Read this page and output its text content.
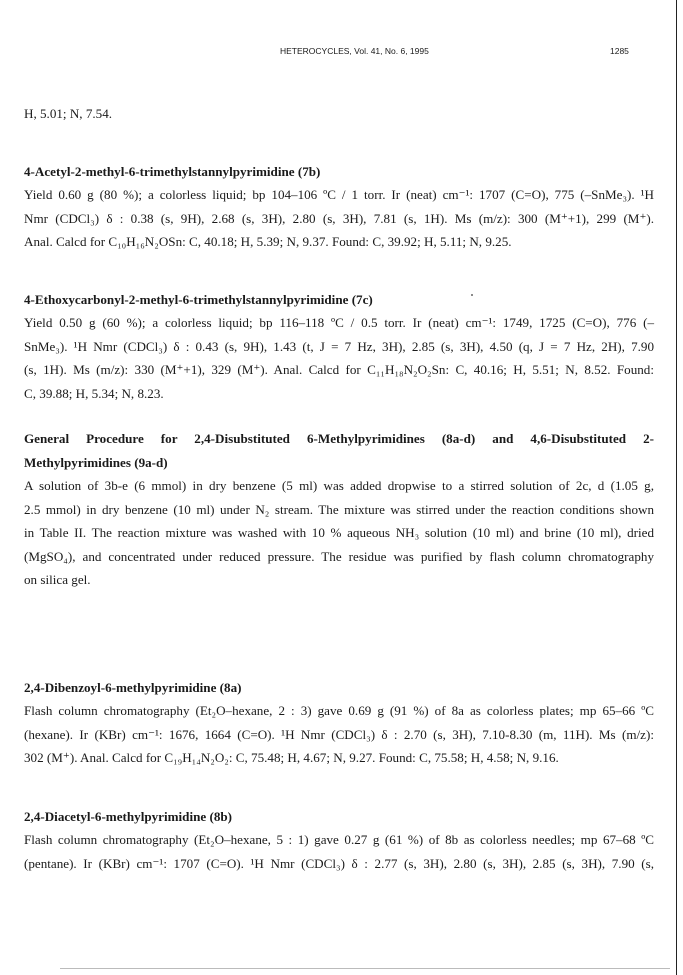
HETEROCYCLES, Vol. 41, No. 6, 1995	1285
H, 5.01; N, 7.54.
4-Acetyl-2-methyl-6-trimethylstannylpyrimidine (7b)
Yield 0.60 g (80 %); a colorless liquid; bp 104–106 ºC / 1 torr. Ir (neat) cm⁻¹: 1707 (C=O), 775 (–SnMe₃). ¹H
Nmr (CDCl₃) δ : 0.38 (s, 9H), 2.68 (s, 3H), 2.80 (s, 3H), 7.81 (s, 1H). Ms (m/z): 300 (M⁺+1), 299 (M⁺).
Anal. Calcd for C₁₀H₁₆N₂OSn: C, 40.18; H, 5.39; N, 9.37. Found: C, 39.92; H, 5.11; N, 9.25.
4-Ethoxycarbonyl-2-methyl-6-trimethylstannylpyrimidine (7c)
Yield 0.50 g (60 %); a colorless liquid; bp 116–118 ºC / 0.5 torr. Ir (neat) cm⁻¹: 1749, 1725 (C=O), 776 (–
SnMe₃). ¹H Nmr (CDCl₃) δ : 0.43 (s, 9H), 1.43 (t, J = 7 Hz, 3H), 2.85 (s, 3H), 4.50 (q, J = 7 Hz, 2H), 7.90
(s, 1H). Ms (m/z): 330 (M⁺+1), 329 (M⁺). Anal. Calcd for C₁₁H₁₈N₂O₂Sn: C, 40.16; H, 5.51; N, 8.52. Found:
C, 39.88; H, 5.34; N, 8.23.
General Procedure for 2,4-Disubstituted 6-Methylpyrimidines (8a-d) and 4,6-Disubstituted 2-
Methylpyrimidines (9a-d)
A solution of 3b-e (6 mmol) in dry benzene (5 ml) was added dropwise to a stirred solution of 2c, d (1.05 g,
2.5 mmol) in dry benzene (10 ml) under N₂ stream. The mixture was stirred under the reaction conditions shown
in Table II. The reaction mixture was washed with 10 % aqueous NH₃ solution (10 ml) and brine (10 ml), dried
(MgSO₄), and concentrated under reduced pressure. The residue was purified by flash column chromatography
on silica gel.
2,4-Dibenzoyl-6-methylpyrimidine (8a)
Flash column chromatography (Et₂O–hexane, 2 : 3) gave 0.69 g (91 %) of 8a as colorless plates; mp 65–66 ºC
(hexane). Ir (KBr) cm⁻¹: 1676, 1664 (C=O). ¹H Nmr (CDCl₃) δ : 2.70 (s, 3H), 7.10-8.30 (m, 11H). Ms (m/z):
302 (M⁺). Anal. Calcd for C₁₉H₁₄N₂O₂: C, 75.48; H, 4.67; N, 9.27. Found: C, 75.58; H, 4.58; N, 9.16.
2,4-Diacetyl-6-methylpyrimidine (8b)
Flash column chromatography (Et₂O–hexane, 5 : 1) gave 0.27 g (61 %) of 8b as colorless needles; mp 67–68 ºC
(pentane). Ir (KBr) cm⁻¹: 1707 (C=O). ¹H Nmr (CDCl₃) δ : 2.77 (s, 3H), 2.80 (s, 3H), 2.85 (s, 3H), 7.90 (s,
